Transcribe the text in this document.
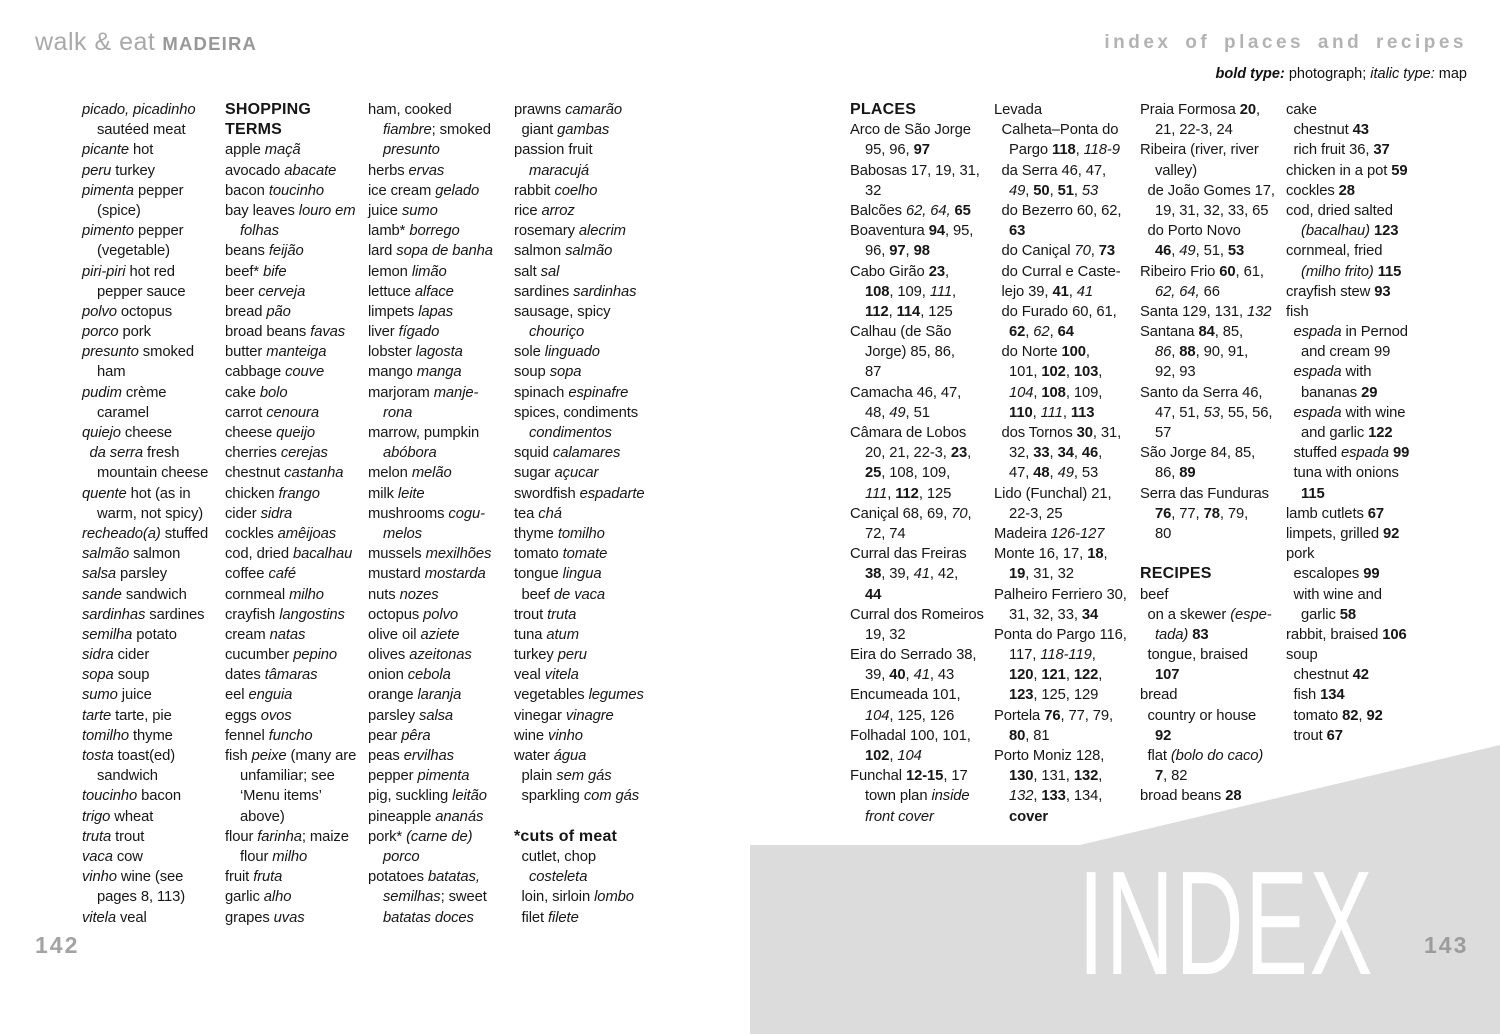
walk & eat MADEIRA	index of places and recipes
bold type: photograph; italic type: map
picado, picadinho
sautéed meat
picante hot
peru turkey
pimenta pepper
(spice)
pimento pepper
(vegetable)
piri-piri hot red
pepper sauce
polvo octopus
porco pork
presunto smoked
ham
pudim crème
caramel
quiejo cheese
da serra fresh
mountain cheese
quente hot (as in
warm, not spicy)
recheado(a) stuffed
salmão salmon
salsa parsley
sande sandwich
sardinhas sardines
semilha potato
sidra cider
sopa soup
sumo juice
tarte tarte, pie
tomilho thyme
tosta toast(ed)
sandwich
toucinho bacon
trigo wheat
truta trout
vaca cow
vinho wine (see
pages 8, 113)
vitela veal
SHOPPING
TERMS
apple maçã
avocado abacate
bacon toucinho
bay leaves louro em
folhas
beans feijão
beef* bife
beer cerveja
bread pão
broad beans favas
butter manteiga
cabbage couve
cake bolo
carrot cenoura
cheese queijo
cherries cerejas
chestnut castanha
chicken frango
cider sidra
cockles amêijoas
cod, dried bacalhau
coffee café
cornmeal milho
crayfish langostins
cream natas
cucumber pepino
dates tâmaras
eel enguia
eggs ovos
fennel funcho
fish peixe (many are
unfamiliar; see
‘Menu items’
above)
flour farinha; maize
flour milho
fruit fruta
garlic alho
grapes uvas
ham, cooked
fiambre; smoked
presunto
herbs ervas
ice cream gelado
juice sumo
lamb* borrego
lard sopa de banha
lemon limão
lettuce alface
limpets lapas
liver fígado
lobster lagosta
mango manga
marjoram manje-
rona
marrow, pumpkin
abóbora
melon melão
milk leite
mushrooms cogu-
melos
mussels mexilhões
mustard mostarda
nuts nozes
octopus polvo
olive oil aziete
olives azeitonas
onion cebola
orange laranja
parsley salsa
pear pêra
peas ervilhas
pepper pimenta
pig, suckling leitão
pineapple ananás
pork* (carne de)
porco
potatoes batatas,
semilhas; sweet
batatas doces
prawns camarão
giant gambas
passion fruit
maracujá
rabbit coelho
rice arroz
rosemary alecrim
salmon salmão
salt sal
sardines sardinhas
sausage, spicy
chouriço
sole linguado
soup sopa
spinach espinafre
spices, condiments
condimentos
squid calamares
sugar açucar
swordfish espadarte
tea chá
thyme tomilho
tomato tomate
tongue lingua
beef de vaca
trout truta
tuna atum
turkey peru
veal vitela
vegetables legumes
vinegar vinagre
wine vinho
water água
plain sem gás
sparkling com gás

*cuts of meat
cutlet, chop
costeleta
loin, sirloin lombo
filet filete
PLACES
Arco de São Jorge
95, 96, 97
Babosas 17, 19, 31,
32
Balcões 62, 64, 65
Boaventura 94, 95,
96, 97, 98
Cabo Girão 23,
108, 109, 111,
112, 114, 125
Calhau (de São
Jorge) 85, 86,
87
Camacha 46, 47,
48, 49, 51
Câmara de Lobos
20, 21, 22-3, 23,
25, 108, 109,
111, 112, 125
Caniçal 68, 69, 70,
72, 74
Curral das Freiras
38, 39, 41, 42,
44
Curral dos Romeiros
19, 32
Eira do Serrado 38,
39, 40, 41, 43
Encumeada 101,
104, 125, 126
Folhadal 100, 101,
102, 104
Funchal 12-15, 17
town plan inside
front cover
Levada
Calheta–Ponta do
Pargo 118, 118-9
da Serra 46, 47,
49, 50, 51, 53
do Bezerro 60, 62,
63
do Caniçal 70, 73
do Curral e Caste-
lejo 39, 41, 41
do Furado 60, 61,
62, 62, 64
do Norte 100,
101, 102, 103,
104, 108, 109,
110, 111, 113
dos Tornos 30, 31,
32, 33, 34, 46,
47, 48, 49, 53
Lido (Funchal) 21,
22-3, 25
Madeira 126-127
Monte 16, 17, 18,
19, 31, 32
Palheiro Ferriero 30,
31, 32, 33, 34
Ponta do Pargo 116,
117, 118-119,
120, 121, 122,
123, 125, 129
Portela 76, 77, 79,
80, 81
Porto Moniz 128,
130, 131, 132,
132, 133, 134,
cover
Praia Formosa 20,
21, 22-3, 24
Ribeira (river, river
valley)
de João Gomes 17,
19, 31, 32, 33, 65
do Porto Novo
46, 49, 51, 53
Ribeiro Frio 60, 61,
62, 64, 66
Santa 129, 131, 132
Santana 84, 85,
86, 88, 90, 91,
92, 93
Santo da Serra 46,
47, 51, 53, 55, 56,
57
São Jorge 84, 85,
86, 89
Serra das Funduras
76, 77, 78, 79,
80

RECIPES
beef
on a skewer (espe-
tada) 83
tongue, braised
107
bread
country or house
92
flat (bolo do caco)
7, 82
broad beans 28
cake
chestnut 43
rich fruit 36, 37
chicken in a pot 59
cockles 28
cod, dried salted
(bacalhau) 123
cornmeal, fried
(milho frito) 115
crayfish stew 93
fish
espada in Pernod
and cream 99
espada with
bananas 29
espada with wine
and garlic 122
stuffed espada 99
tuna with onions
115
lamb cutlets 67
limpets, grilled 92
pork
escalopes 99
with wine and
garlic 58
rabbit, braised 106
soup
chestnut 42
fish 134
tomato 82, 92
trout 67
INDEX
142	143
